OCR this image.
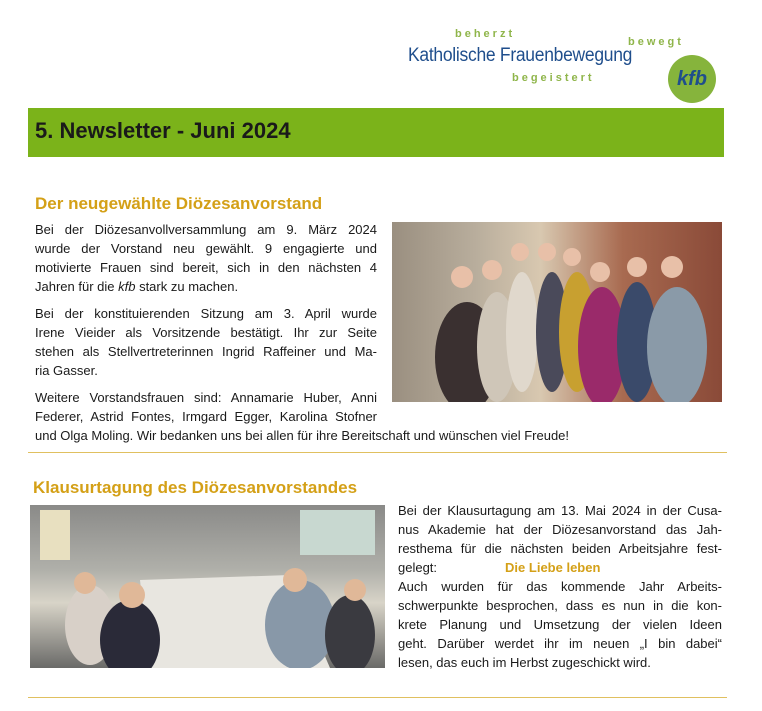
beherzt
bewegt
Katholische Frauenbewegung
begeistert	kfb
5. Newsletter - Juni 2024
Der neugewählte Diözesanvorstand
Bei der Diözesanvollversammlung am 9. März 2024
wurde der Vorstand neu gewählt. 9 engagierte und
motivierte Frauen sind bereit, sich in den nächsten 4
Jahren für die kfb stark zu machen.
Bei der konstituierenden Sitzung am 3. April wurde
Irene Vieider als Vorsitzende bestätigt. Ihr zur Seite
stehen als Stellvertreterinnen Ingrid Raffeiner und Ma-
ria Gasser.
Weitere Vorstandsfrauen sind: Annamarie Huber, Anni
Federer, Astrid Fontes, Irmgard Egger, Karolina Stofner
und Olga Moling. Wir bedanken uns bei allen für ihre Bereitschaft und wünschen viel Freude!
Klausurtagung des Diözesanvorstandes
Bei der Klausurtagung am 13. Mai 2024 in der Cusa-
nus Akademie hat der Diözesanvorstand das Jah-
resthema für die nächsten beiden Arbeitsjahre fest-
gelegt:	Die Liebe leben
Auch wurden für das kommende Jahr Arbeits-
schwerpunkte besprochen, dass es nun in die kon-
krete Planung und Umsetzung der vielen Ideen
geht. Darüber werdet ihr im neuen „I bin dabei“
lesen, das euch im Herbst zugeschickt wird.
